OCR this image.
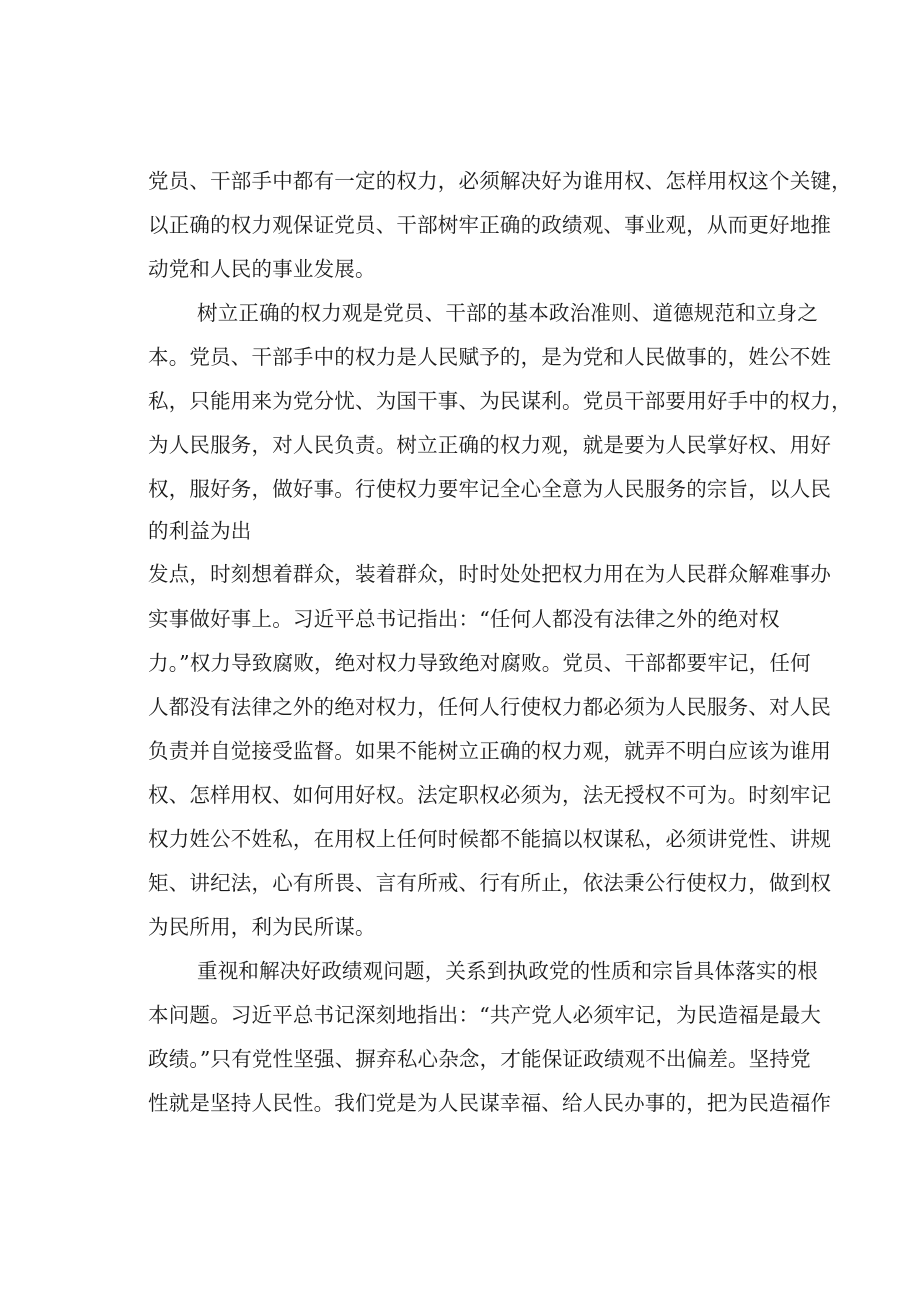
党员、干部手中都有一定的权力，必须解决好为谁用权、怎样用权这个关键，
以正确的权力观保证党员、干部树牢正确的政绩观、事业观，从而更好地推
动党和人民的事业发展。
树立正确的权力观是党员、干部的基本政治准则、道德规范和立身之
本。党员、干部手中的权力是人民赋予的，是为党和人民做事的，姓公不姓
私，只能用来为党分忧、为国干事、为民谋利。党员干部要用好手中的权力，
为人民服务，对人民负责。树立正确的权力观，就是要为人民掌好权、用好
权，服好务，做好事。行使权力要牢记全心全意为人民服务的宗旨，以人民
的利益为出
发点，时刻想着群众，装着群众，时时处处把权力用在为人民群众解难事办
实事做好事上。习近平总书记指出：“任何人都没有法律之外的绝对权
力。”权力导致腐败，绝对权力导致绝对腐败。党员、干部都要牢记，任何
人都没有法律之外的绝对权力，任何人行使权力都必须为人民服务、对人民
负责并自觉接受监督。如果不能树立正确的权力观，就弄不明白应该为谁用
权、怎样用权、如何用好权。法定职权必须为，法无授权不可为。时刻牢记
权力姓公不姓私，在用权上任何时候都不能搞以权谋私，必须讲党性、讲规
矩、讲纪法，心有所畏、言有所戒、行有所止，依法秉公行使权力，做到权
为民所用，利为民所谋。
重视和解决好政绩观问题，关系到执政党的性质和宗旨具体落实的根
本问题。习近平总书记深刻地指出：“共产党人必须牢记，为民造福是最大
政绩。”只有党性坚强、摒弃私心杂念，才能保证政绩观不出偏差。坚持党
性就是坚持人民性。我们党是为人民谋幸福、给人民办事的，把为民造福作
